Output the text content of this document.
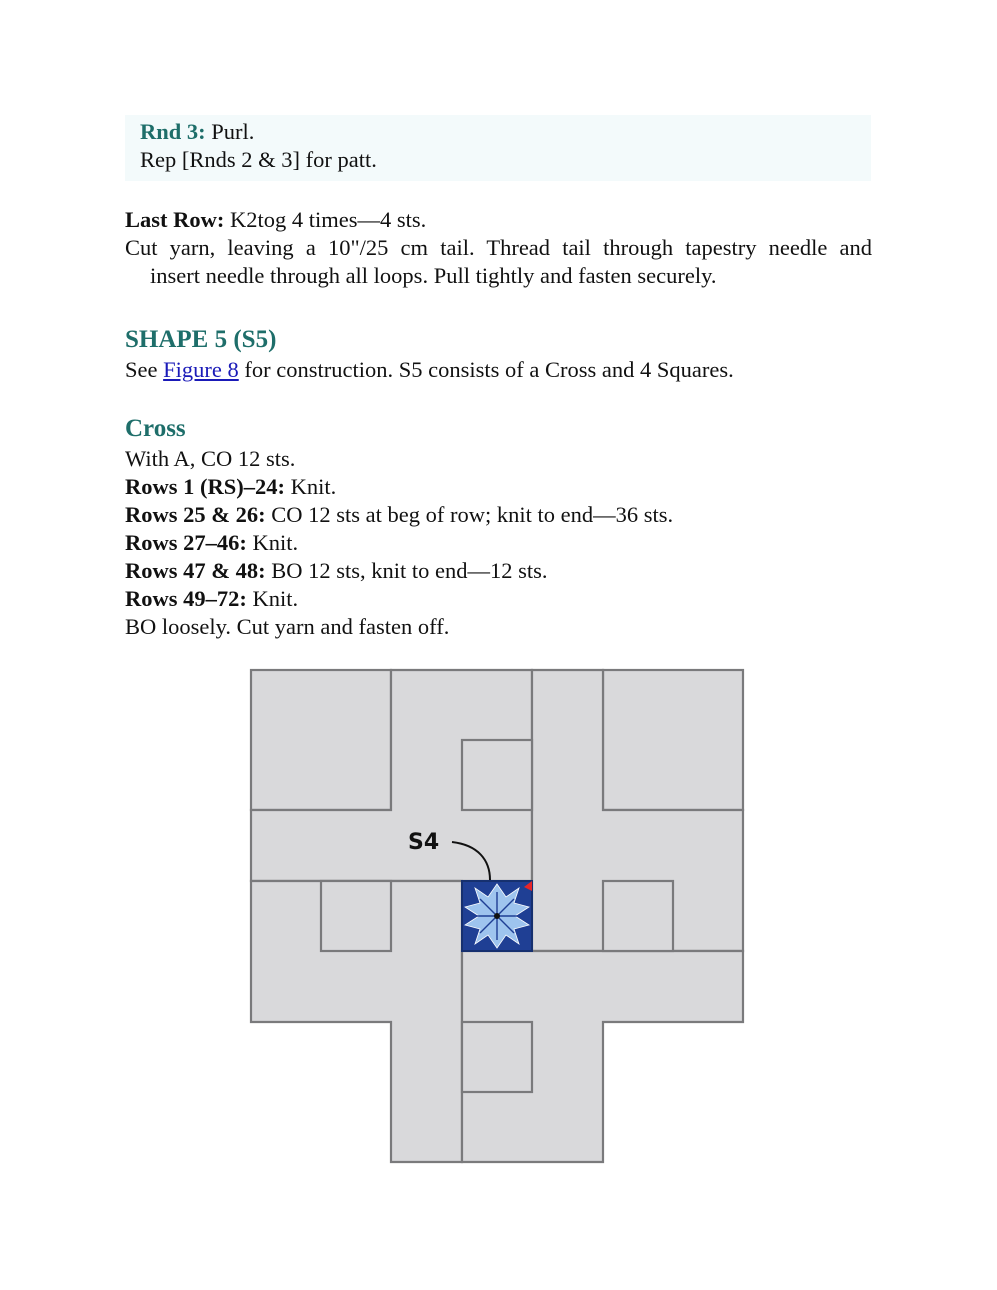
Rnd 3: Purl.
Rep [Rnds 2 & 3] for patt.
Last Row: K2tog 4 times—4 sts.
Cut yarn, leaving a 10"/25 cm tail. Thread tail through tapestry needle and
insert needle through all loops. Pull tightly and fasten securely.
SHAPE 5 (S5)
See Figure 8 for construction. S5 consists of a Cross and 4 Squares.
Cross
With A, CO 12 sts.
Rows 1 (RS)–24: Knit.
Rows 25 & 26: CO 12 sts at beg of row; knit to end—36 sts.
Rows 27–46: Knit.
Rows 47 & 48: BO 12 sts, knit to end—12 sts.
Rows 49–72: Knit.
BO loosely. Cut yarn and fasten off.
S4
